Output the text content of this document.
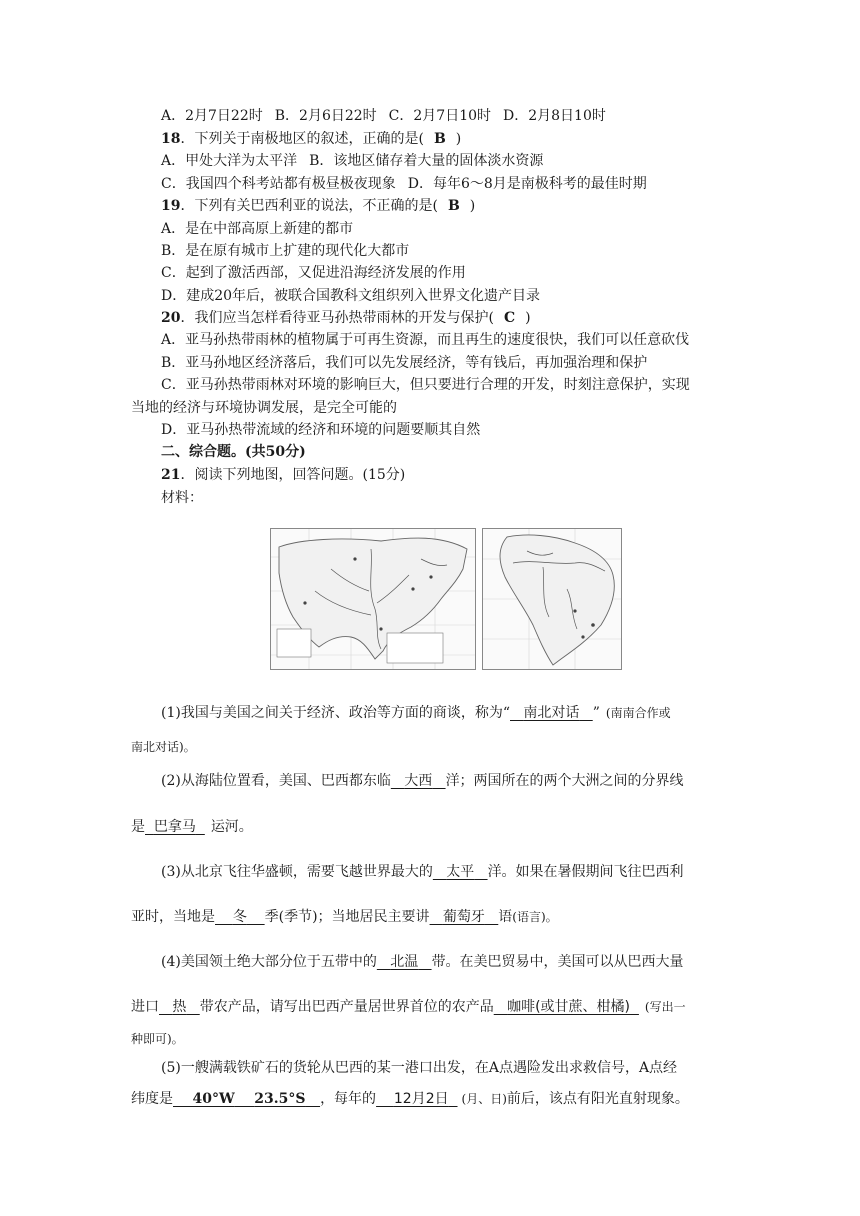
A．2月7日22时 B．2月6日22时 C．2月7日10时 D．2月8日10时
18．下列关于南极地区的叙述，正确的是( B )
A．甲处大洋为太平洋 B．该地区储存着大量的固体淡水资源
C．我国四个科考站都有极昼极夜现象 D．每年6～8月是南极科考的最佳时期
19．下列有关巴西利亚的说法，不正确的是( B )
A．是在中部高原上新建的都市
B．是在原有城市上扩建的现代化大都市
C．起到了激活西部，又促进沿海经济发展的作用
D．建成20年后，被联合国教科文组织列入世界文化遗产目录
20．我们应当怎样看待亚马孙热带雨林的开发与保护( C )
A．亚马孙热带雨林的植物属于可再生资源，而且再生的速度很快，我们可以任意砍伐
B．亚马孙地区经济落后，我们可以先发展经济，等有钱后，再加强治理和保护
C．亚马孙热带雨林对环境的影响巨大，但只要进行合理的开发，时刻注意保护，实现
当地的经济与环境协调发展，是完全可能的
D．亚马孙热带流域的经济和环境的问题要顺其自然
二、综合题。(共50分)
21．阅读下列地图，回答问题。(15分)
材料：
(1)我国与美国之间关于经济、政治等方面的商谈，称为“ 南北对话 ” (南南合作或
南北对话)。
(2)从海陆位置看，美国、巴西都东临 大西 洋；两国所在的两个大洲之间的分界线
是 巴拿马 运河。
(3)从北京飞往华盛顿，需要飞越世界最大的 太平 洋。如果在暑假期间飞往巴西利
亚时，当地是 冬 季(季节)；当地居民主要讲 葡萄牙 语(语言)。
(4)美国领土绝大部分位于五带中的 北温 带。在美巴贸易中，美国可以从巴西大量
进口 热 带农产品，请写出巴西产量居世界首位的农产品 咖啡(或甘蔗、柑橘) (写出一
种即可)。
(5)一艘满载铁矿石的货轮从巴西的某一港口出发，在A点遇险发出求救信号，A点经
纬度是 40°W 23.5°S ，每年的 12月2日 (月、日)前后，该点有阳光直射现象。
